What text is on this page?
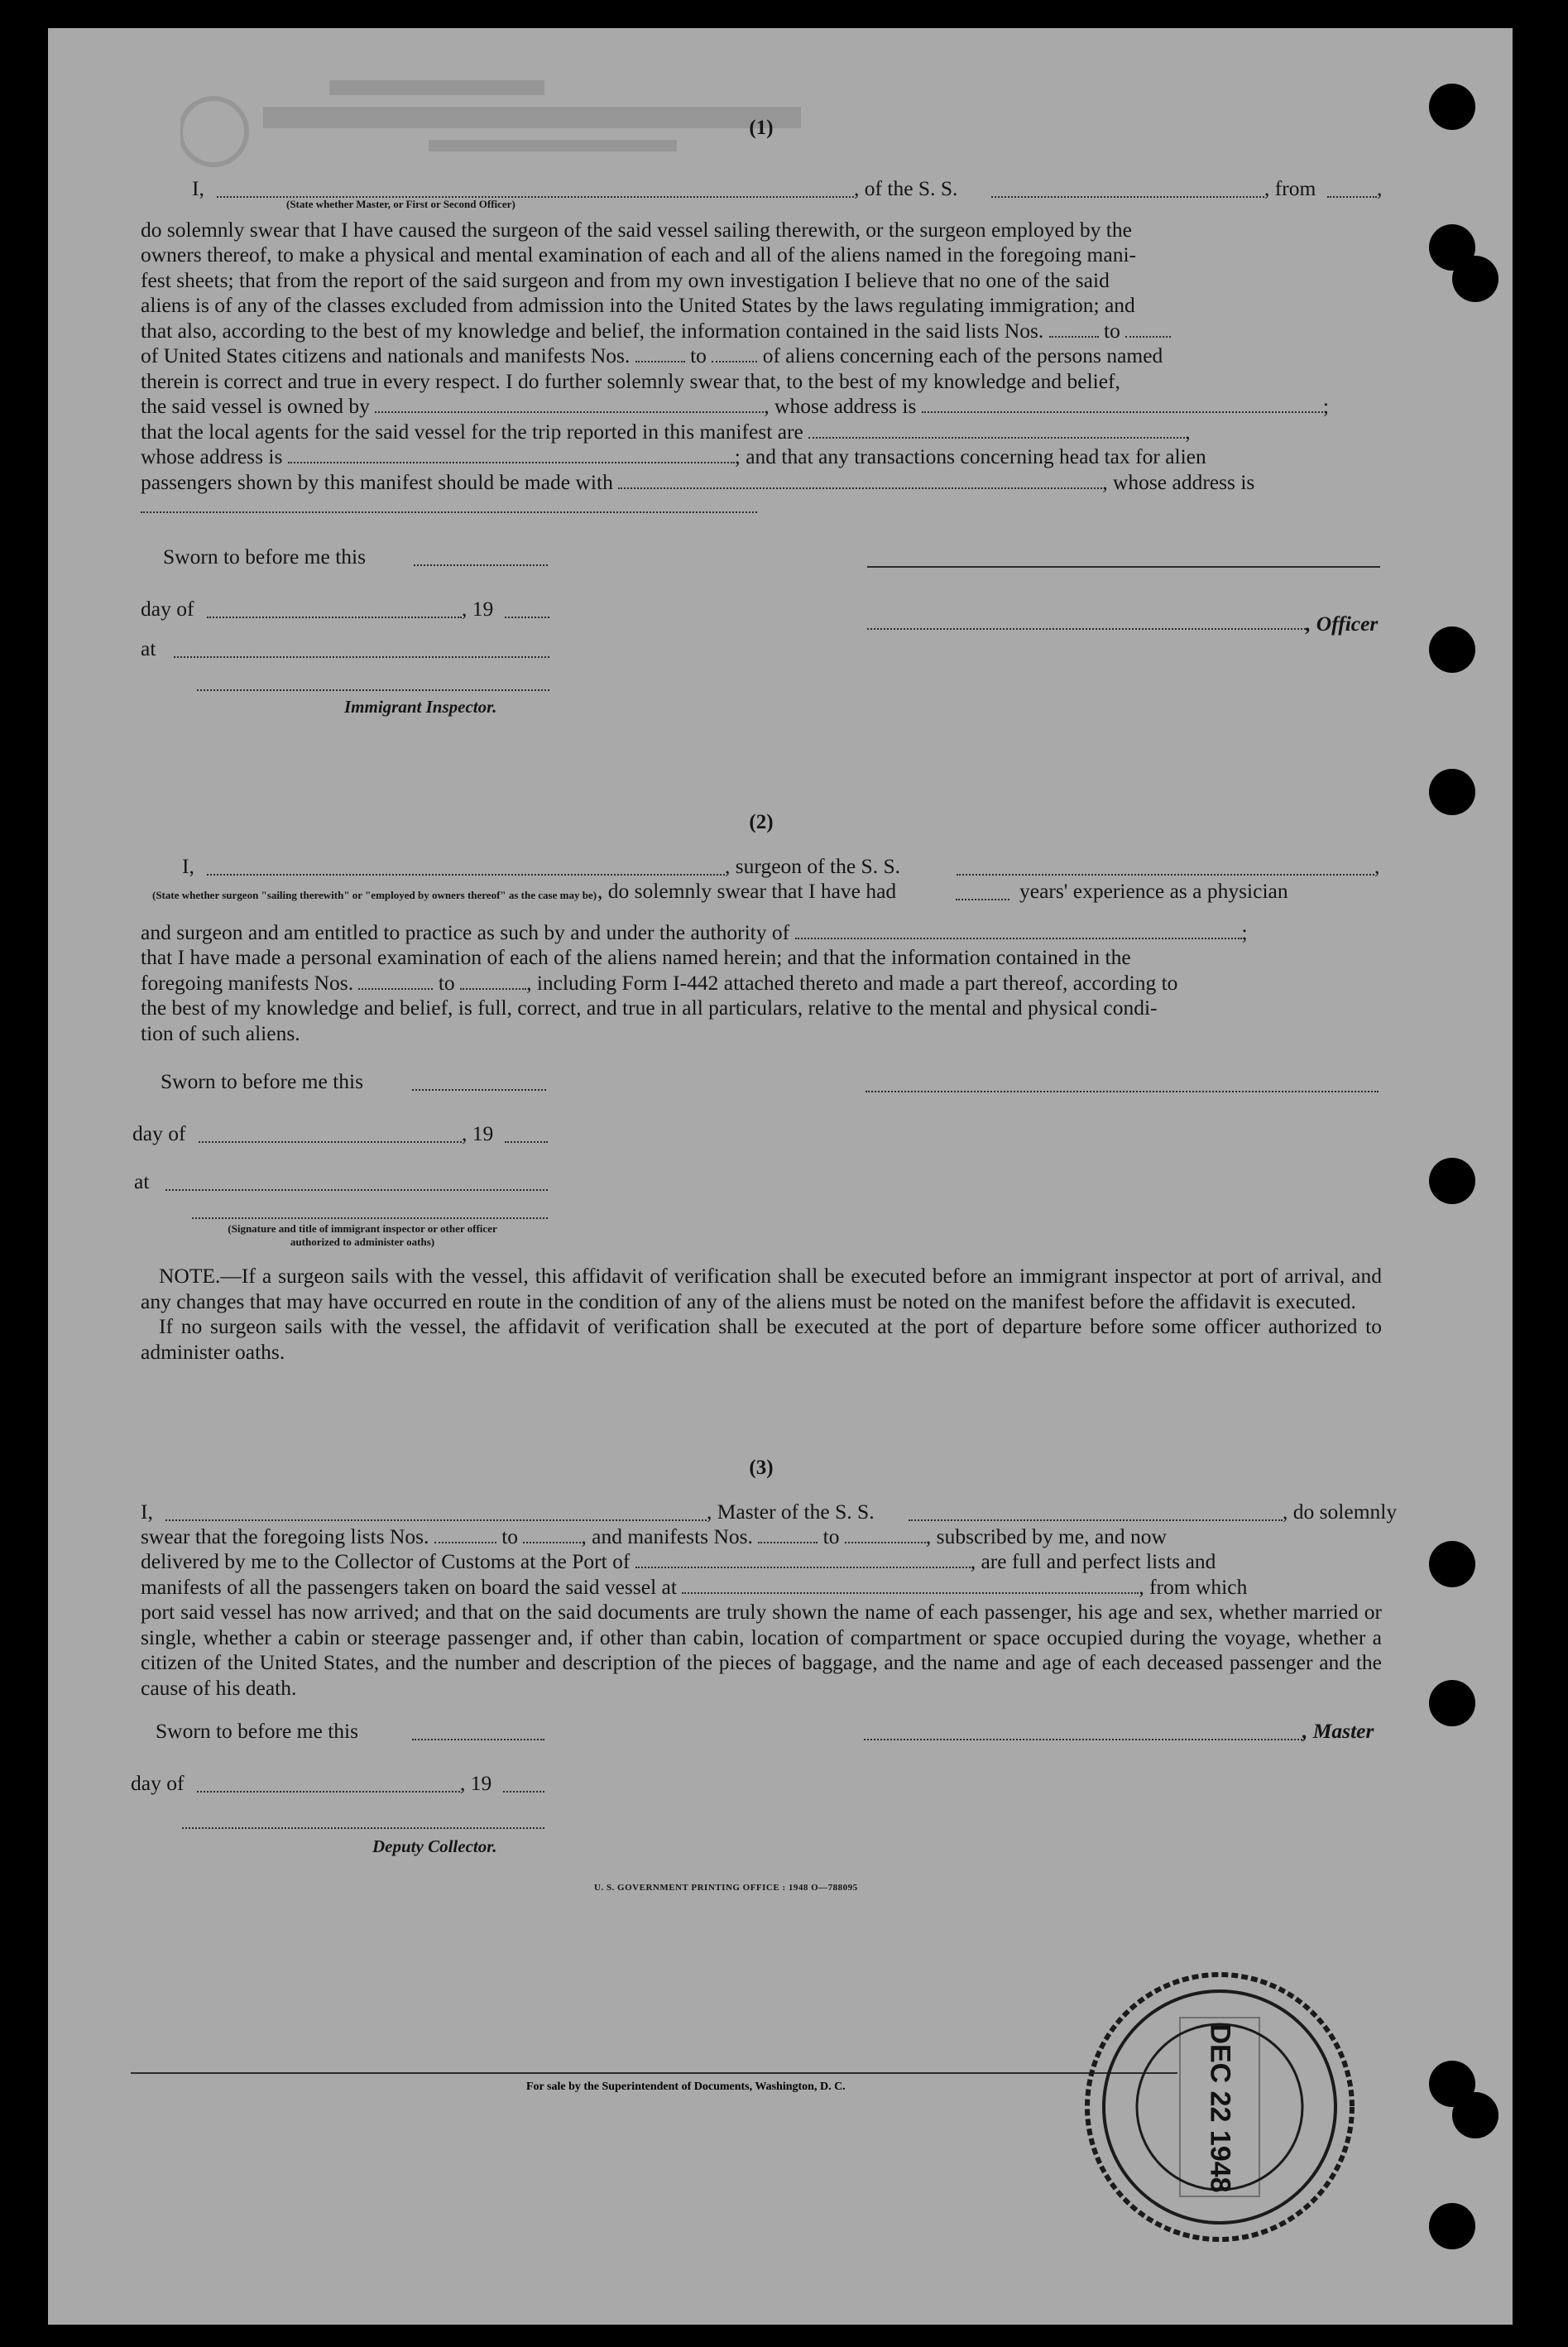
(1)
I,	, of the S. S.	, from	,
(State whether Master, or First or Second Officer)

do solemnly swear that I have caused the surgeon of the said vessel sailing therewith, or the surgeon employed by the

owners thereof, to make a physical and mental examination of each and all of the aliens named in the foregoing mani-

fest sheets; that from the report of the said surgeon and from my own investigation I believe that no one of the said

aliens is of any of the classes excluded from admission into the United States by the laws regulating immigration; and

that also, according to the best of my knowledge and belief, the information contained in the said lists Nos.	to

of United States citizens and nationals and manifests Nos.	to	of aliens concerning each of the persons named

therein is correct and true in every respect. I do further solemnly swear that, to the best of my knowledge and belief,

the said vessel is owned by	, whose address is	;

that the local agents for the said vessel for the trip reported in this manifest are	,

whose address is	; and that any transactions concerning head tax for alien

passengers shown by this manifest should be made with	, whose address is

Sworn to before me this
day of	, 19
, Officer
at
Immigrant Inspector.
(2)
I,	, surgeon of the S. S.	,
(State whether surgeon "sailing therewith" or "employed by owners thereof" as the case may be) , do solemnly swear that I have had	years' experience as a physician

and surgeon and am entitled to practice as such by and under the authority of	;

that I have made a personal examination of each of the aliens named herein; and that the information contained in the

foregoing manifests Nos.	to	, including Form I-442 attached thereto and made a part thereof, according to

the best of my knowledge and belief, is full, correct, and true in all particulars, relative to the mental and physical condi-

tion of such aliens.

Sworn to before me this
day of	, 19
at
(Signature and title of immigrant inspector or other officer authorized to administer oaths)

NOTE.—If a surgeon sails with the vessel, this affidavit of verification shall be executed before an immigrant inspector at port of arrival, and any changes that may have occurred en route in the condition of any of the aliens must be noted on the manifest before the affidavit is executed.

If no surgeon sails with the vessel, the affidavit of verification shall be executed at the port of departure before some officer authorized to administer oaths.

(3)
I,	, Master of the S. S.	, do solemnly

swear that the foregoing lists Nos.	to	, and manifests Nos.	to	, subscribed by me, and now

delivered by me to the Collector of Customs at the Port of	, are full and perfect lists and

manifests of all the passengers taken on board the said vessel at	, from which

port said vessel has now arrived; and that on the said documents are truly shown the name of each passenger, his age and sex, whether married or single, whether a cabin or steerage passenger and, if other than cabin, location of compartment or space occupied during the voyage, whether a citizen of the United States, and the number and description of the pieces of baggage, and the name and age of each deceased passenger and the cause of his death.

Sworn to before me this	, Master
day of	, 19
Deputy Collector.
U. S. GOVERNMENT PRINTING OFFICE : 1948 O—788095
For sale by the Superintendent of Documents, Washington, D. C.	DEC 22 1948
